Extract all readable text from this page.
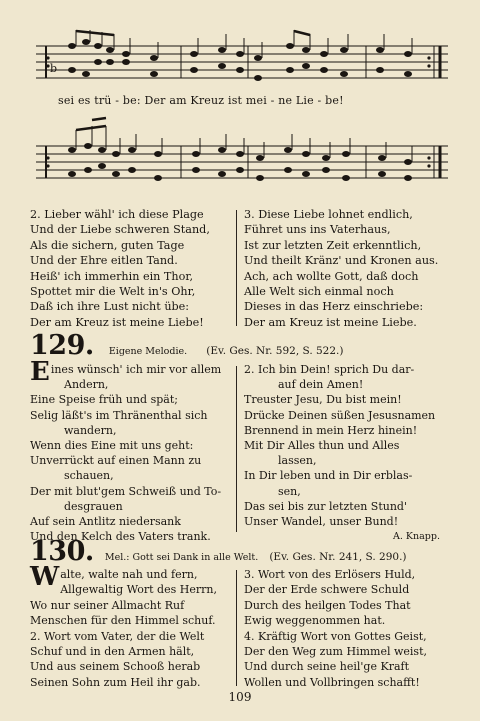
b
sei es trü - be: Der am Kreuz ist mei - ne Lie - be!
2. Lieber wähl' ich diese Plage
Und der Liebe schweren Stand,
Als die sichern, guten Tage
Und der Ehre eitlen Tand.
Heiß' ich immerhin ein Thor,
Spottet mir die Welt in's Ohr,
Daß ich ihre Lust nicht übe:
Der am Kreuz ist meine Liebe!
3. Diese Liebe lohnet endlich,
Führet uns ins Vaterhaus,
Ist zur letzten Zeit erkenntlich,
Und theilt Kränz' und Kronen aus.
Ach, ach wollte Gott, daß doch
Alle Welt sich einmal noch
Dieses in das Herz einschriebe:
Der am Kreuz ist meine Liebe.
129. Eigene Melodie. (Ev. Ges. Nr. 592, S. 522.)
E ines wünsch' ich mir vor allem
Andern,
Eine Speise früh und spät;
Selig läßt's im Thränenthal sich
wandern,
Wenn dies Eine mit uns geht:
Unverrückt auf einen Mann zu
schauen,
Der mit blut'gem Schweiß und To-
desgrauen
Auf sein Antlitz niedersank
Und den Kelch des Vaters trank.
2. Ich bin Dein! sprich Du dar-
auf dein Amen!
Treuster Jesu, Du bist mein!
Drücke Deinen süßen Jesusnamen
Brennend in mein Herz hinein!
Mit Dir Alles thun und Alles
lassen,
In Dir leben und in Dir erblas-
sen,
Das sei bis zur letzten Stund'
Unser Wandel, unser Bund!
A. Knapp.
130. Mel.: Gott sei Dank in alle Welt. (Ev. Ges. Nr. 241, S. 290.)
W alte, walte nah und fern,
Allgewaltig Wort des Herrn,
Wo nur seiner Allmacht Ruf
Menschen für den Himmel schuf.
2. Wort vom Vater, der die Welt
Schuf und in den Armen hält,
Und aus seinem Schooß herab
Seinen Sohn zum Heil ihr gab.
3. Wort von des Erlösers Huld,
Der der Erde schwere Schuld
Durch des heilgen Todes That
Ewig weggenommen hat.
4. Kräftig Wort von Gottes Geist,
Der den Weg zum Himmel weist,
Und durch seine heil'ge Kraft
Wollen und Vollbringen schafft!
109
